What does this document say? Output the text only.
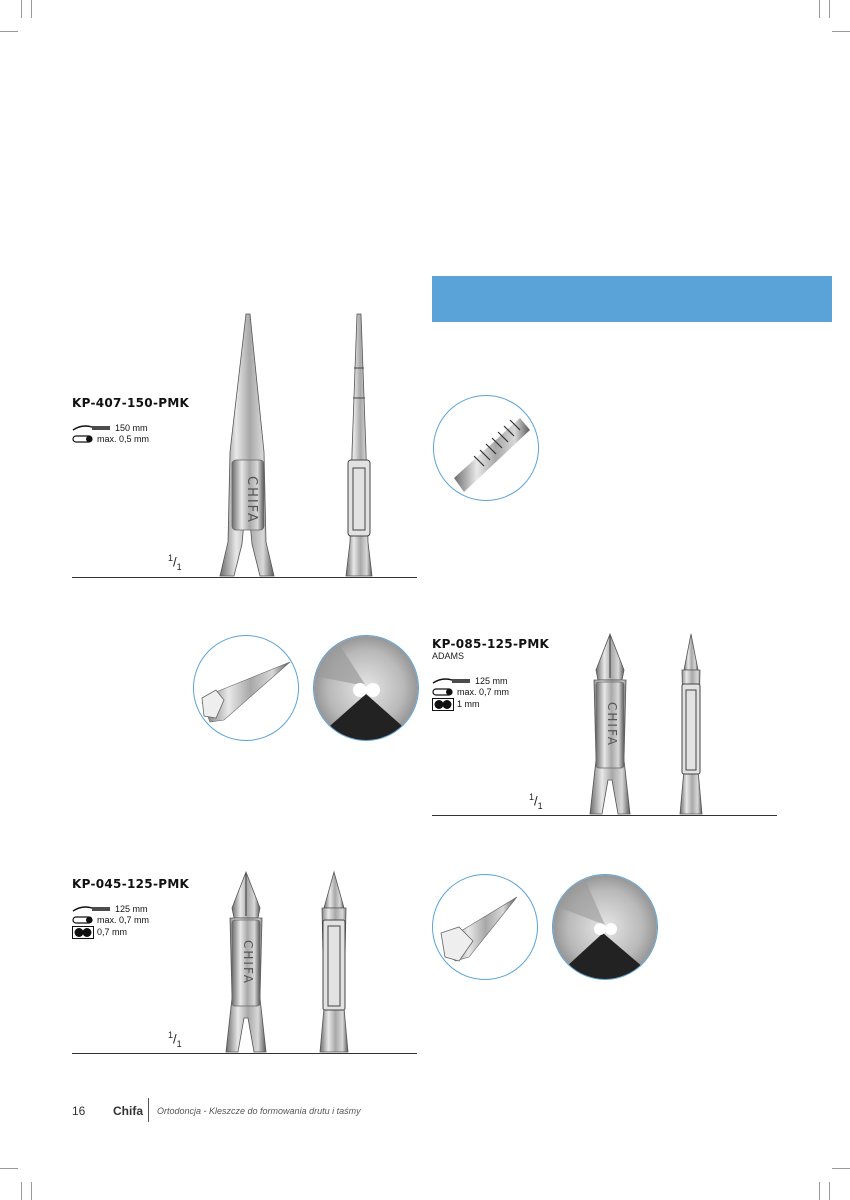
KP-407-150-PMK
150 mm
max. 0,5 mm
$^1/_1$
CHIFA
KP-085-125-PMK
ADAMS
125 mm
max. 0,7 mm
1 mm
$^1/_1$
CHIFA
KP-045-125-PMK
125 mm
max. 0,7 mm
0,7 mm
$^1/_1$
CHIFA
16 Chifa Ortodoncja - Kleszcze do formowania drutu i taśmy
